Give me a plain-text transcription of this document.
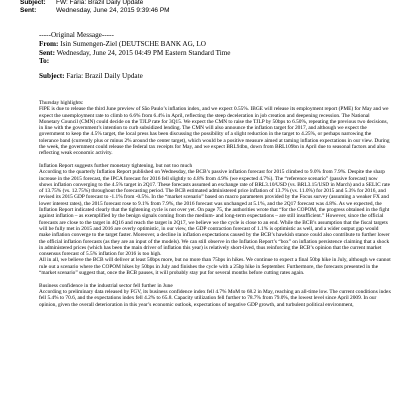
Subject:	FW: Faria: Brazil Daily Update
Sent:	Wednesday, June 24, 2015 9:39:46 PM
-----Original Message-----
From: Isin Sumengen-Ziel (DEUTSCHE BANK AG, LO
Sent: Wednesday, June 24, 2015 04:49 PM Eastern Standard Time
To:
Subject: Faria: Brazil Daily Update

Thursday highlights:

FIPE is due to release the third June preview of São Paulo’s inflation index, and we expect 0.55%. IBGE will release its employment report (PME) for May and we expect the unemployment rate to climb to 6.6% from 6.4% in April, reflecting the steep deceleration in job creation and deepening recession. The National Monetary Council (CMN) could decide on the TJLP rate for 3Q15. We expect the CMN to raise the TJLP by 50bps to 6.50%, repeating the previous two decisions, in line with the government’s intention to curb subsidized lending. The CMN will also announce the inflation target for 2017, and although we expect the government to keep the 4.5% target, the local press has been discussing the possibility of a slight reduction in the target to 4.25%, or perhaps narrowing the tolerance band (currently plus or minus 2% around the center target), which would be a positive measure aimed at taming inflation expectations in our view. During the week, the government could release the federal tax receipts for May, and we expect BRL94bn, down from BRL109bn in April due to seasonal factors and also reflecting weak economic activity.

Inflation Report suggests further monetary tightening, but not too much

According to the quarterly Inflation Report published on Wednesday, the BCB’s passive inflation forecast for 2015 climbed to 9.0% from 7.9%. Despite the sharp increase in the 2015 forecast, the IPCA forecast for 2016 fell slightly to 4.8% from 4.9% (we expected 4.7%). The “reference scenario” (passive forecast) now shows inflation converging to the 4.5% target in 2Q17. These forecasts assumed an exchange rate of BRL3.10/USD (vs. BRL3.15/USD in March) and a SELIC rate of 13.75% (vs. 12.75%) throughout the forecasting period. The BCB estimated administered price inflation of 13.7% (vs. 11.0%) for 2015 and 5.3% for 2016, and revised its 2015 GDP forecast to -1.1% from -0.5%. In the “market scenario” based on macro parameters provided by the Focus survey (assuming a weaker FX and lower interest rates), the 2015 forecast rose to 9.1% from 7.9%, the 2016 forecast was unchanged at 5.1%, and the 2Q17 forecast was 4.8%. As we expected, the Inflation Report indicated clearly that the tightening cycle is not over yet. On page 75, the authorities wrote that “for the COPOM, the progress obtained in the fight against inflation – as exemplified by the benign signals coming from the medium- and long-term expectations – are still insufficient.” However, since the official forecasts are close to the target in 4Q16 and reach the target in 2Q17, we believe we the cycle is close to an end. While the BCB’s assumption that the fiscal targets will be fully met in 2015 and 2016 are overly optimistic, in our view, the GDP contraction forecast of 1.1% is optimistic as well, and a wider output gap would make inflation converge to the target faster. Moreover, a decline in inflation expectations caused by the BCB’s hawkish stance could also contribute to further lower the official inflation forecasts (as they are an input of the models). We can still observe in the Inflation Report’s “box” on inflation persistence claiming that a shock in administered prices (which has been the main driver of inflation this year) is relatively short-lived, thus reinforcing the BCB’s opinion that the current market consensus forecast of 5.5% inflation for 2016 is too high.

All in all, we believe the BCB will deliver at least 50bps more, but no more than 75bps in hikes. We continue to expect a final 50bp hike in July, although we cannot rule out a scenario where the COPOM hikes by 50bps in July and finishes the cycle with a 25bp hike in September. Furthermore, the forecasts presented in the “market scenario” suggest that, once the BCB pauses, it will probably stay put for several months before cutting rates again.

Business confidence in the industrial sector fell further in June

According to preliminary data released by FGV, its business confidence index fell 4.7% MoM to 68.2 in May, reaching an all-time low. The current conditions index fell 5.4% to 70.6, and the expectations index fell 4.2% to 65.8. Capacity utilization fell further to 78.7% from 79.0%, the lowest level since April 2009. In our opinion, given the overall deterioration in this year’s economic outlook, expectations of negative GDP growth, and turbulent political environment,
